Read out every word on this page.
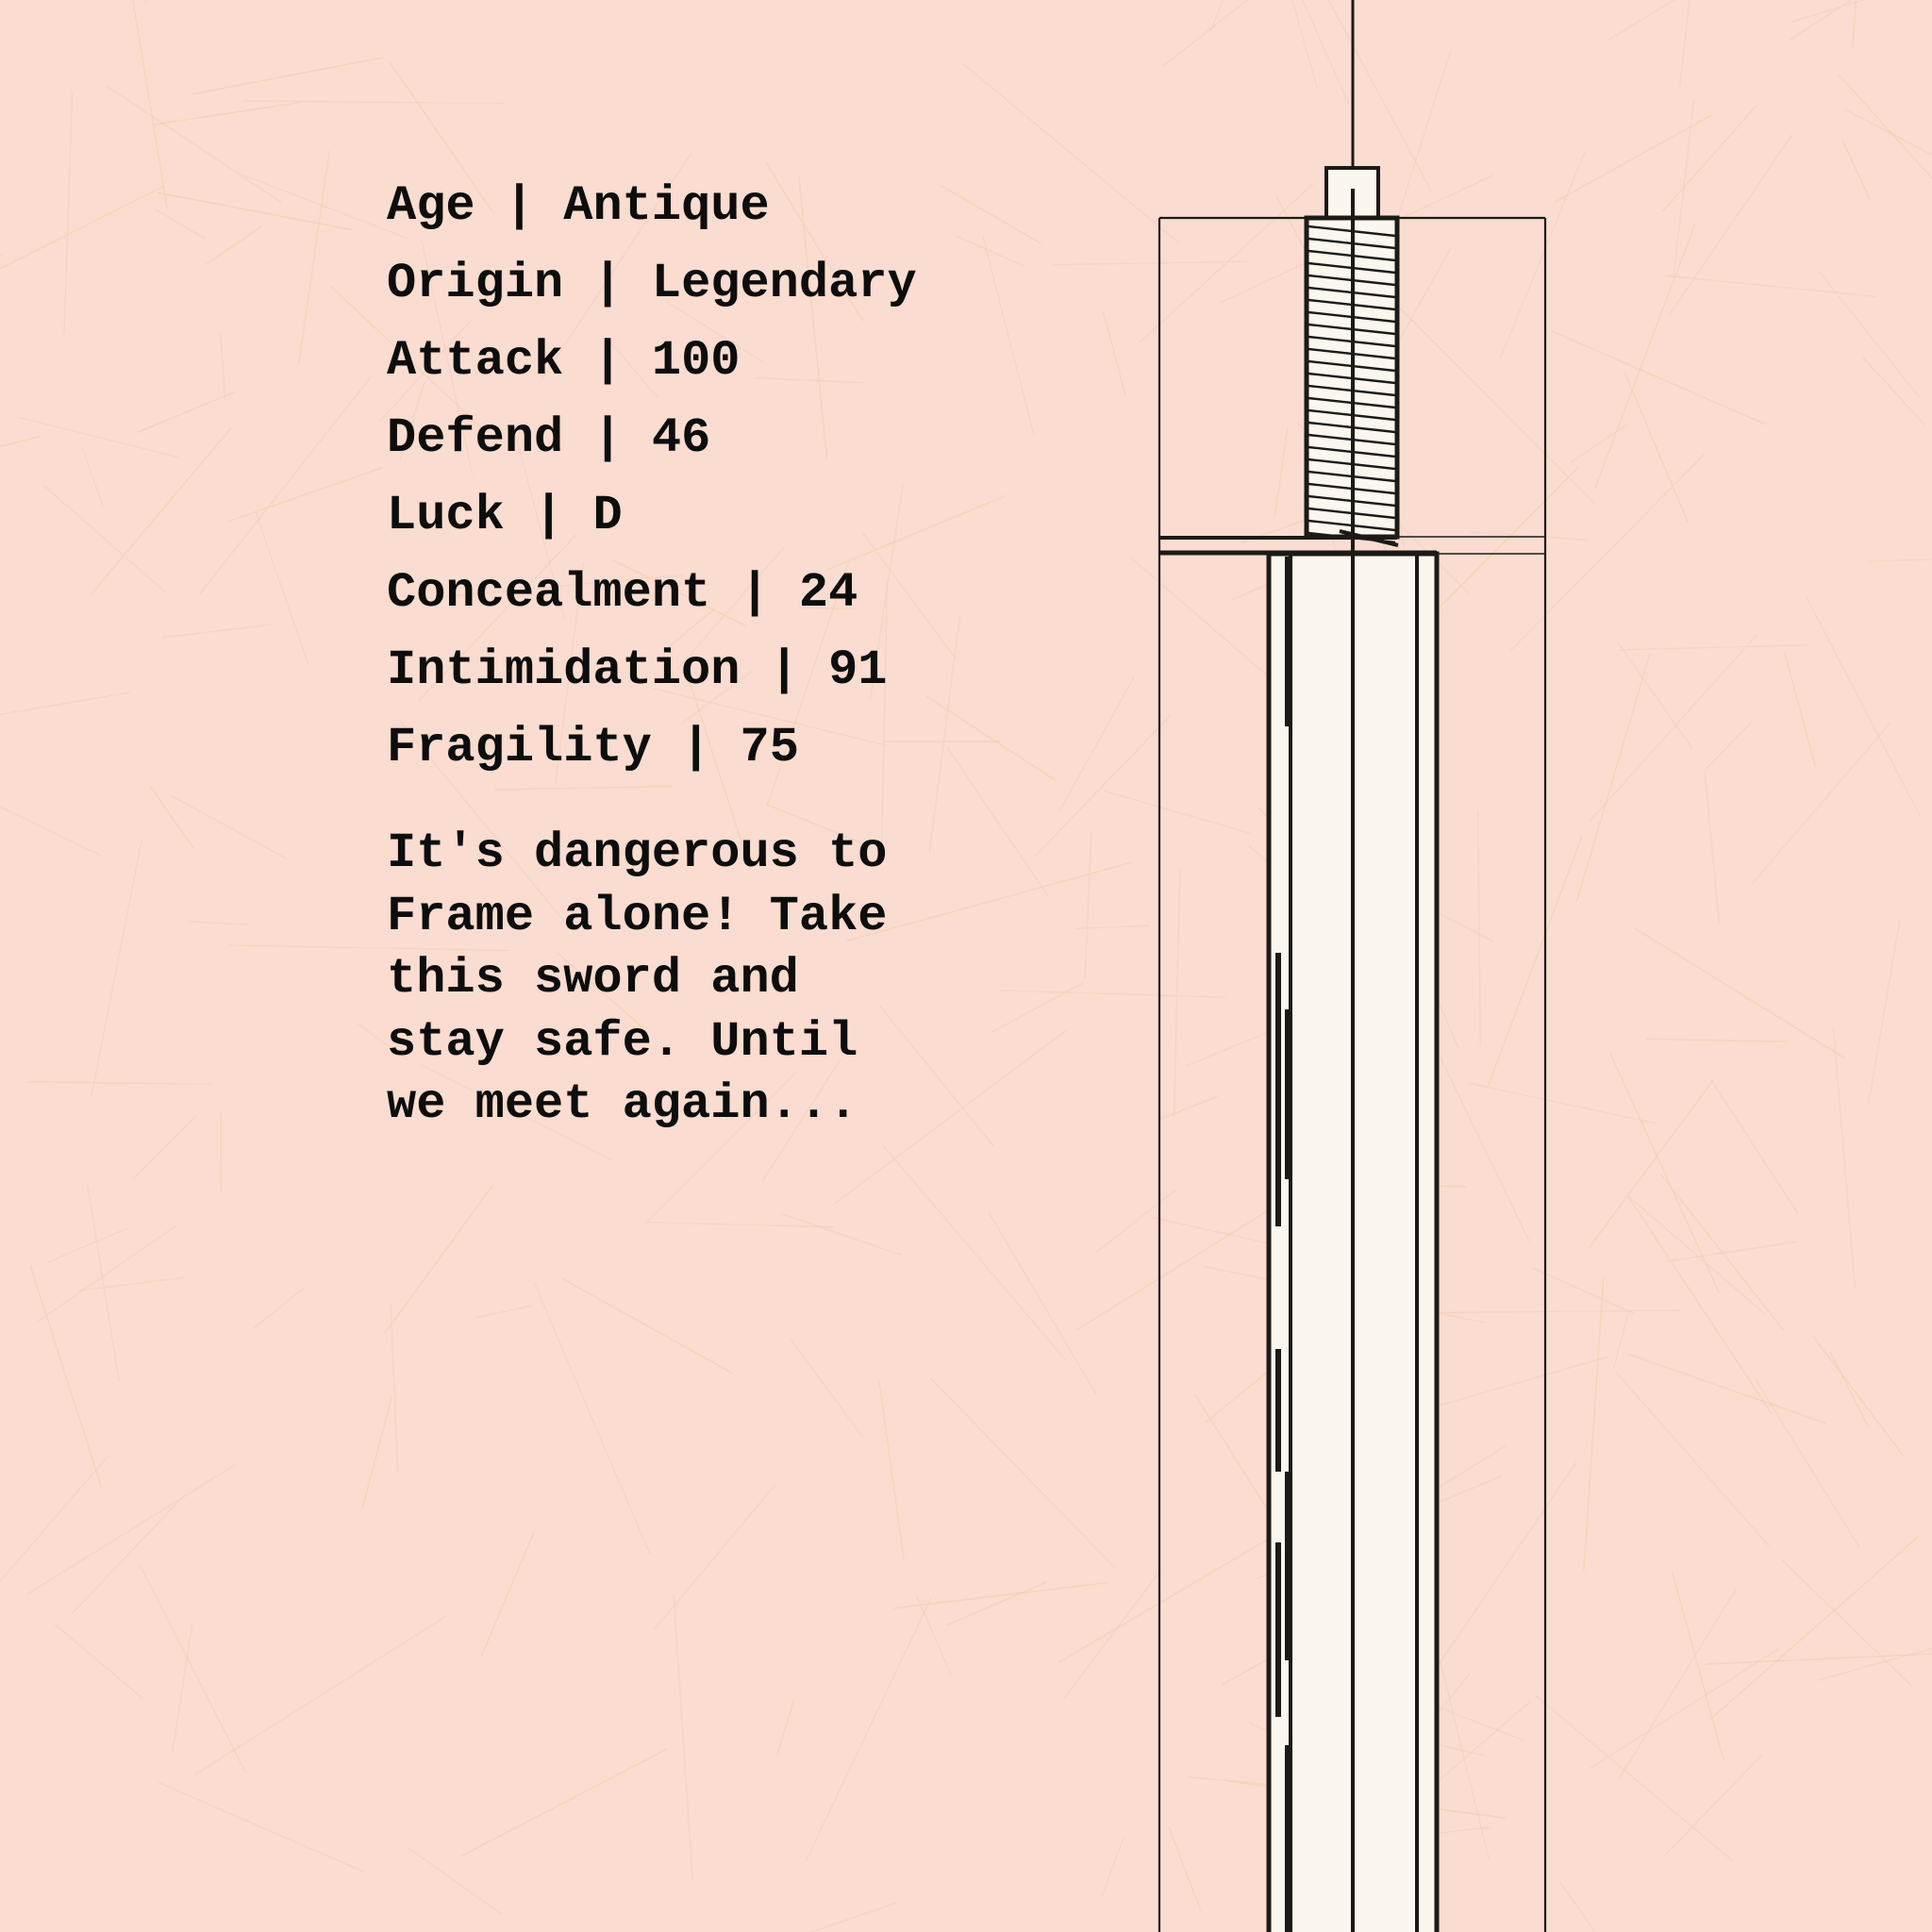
Age | Antique
Origin | Legendary
Attack | 100
Defend | 46
Luck | D
Concealment | 24
Intimidation | 91
Fragility | 75

It's dangerous to
Frame alone! Take
this sword and
stay safe. Until
we meet again...
